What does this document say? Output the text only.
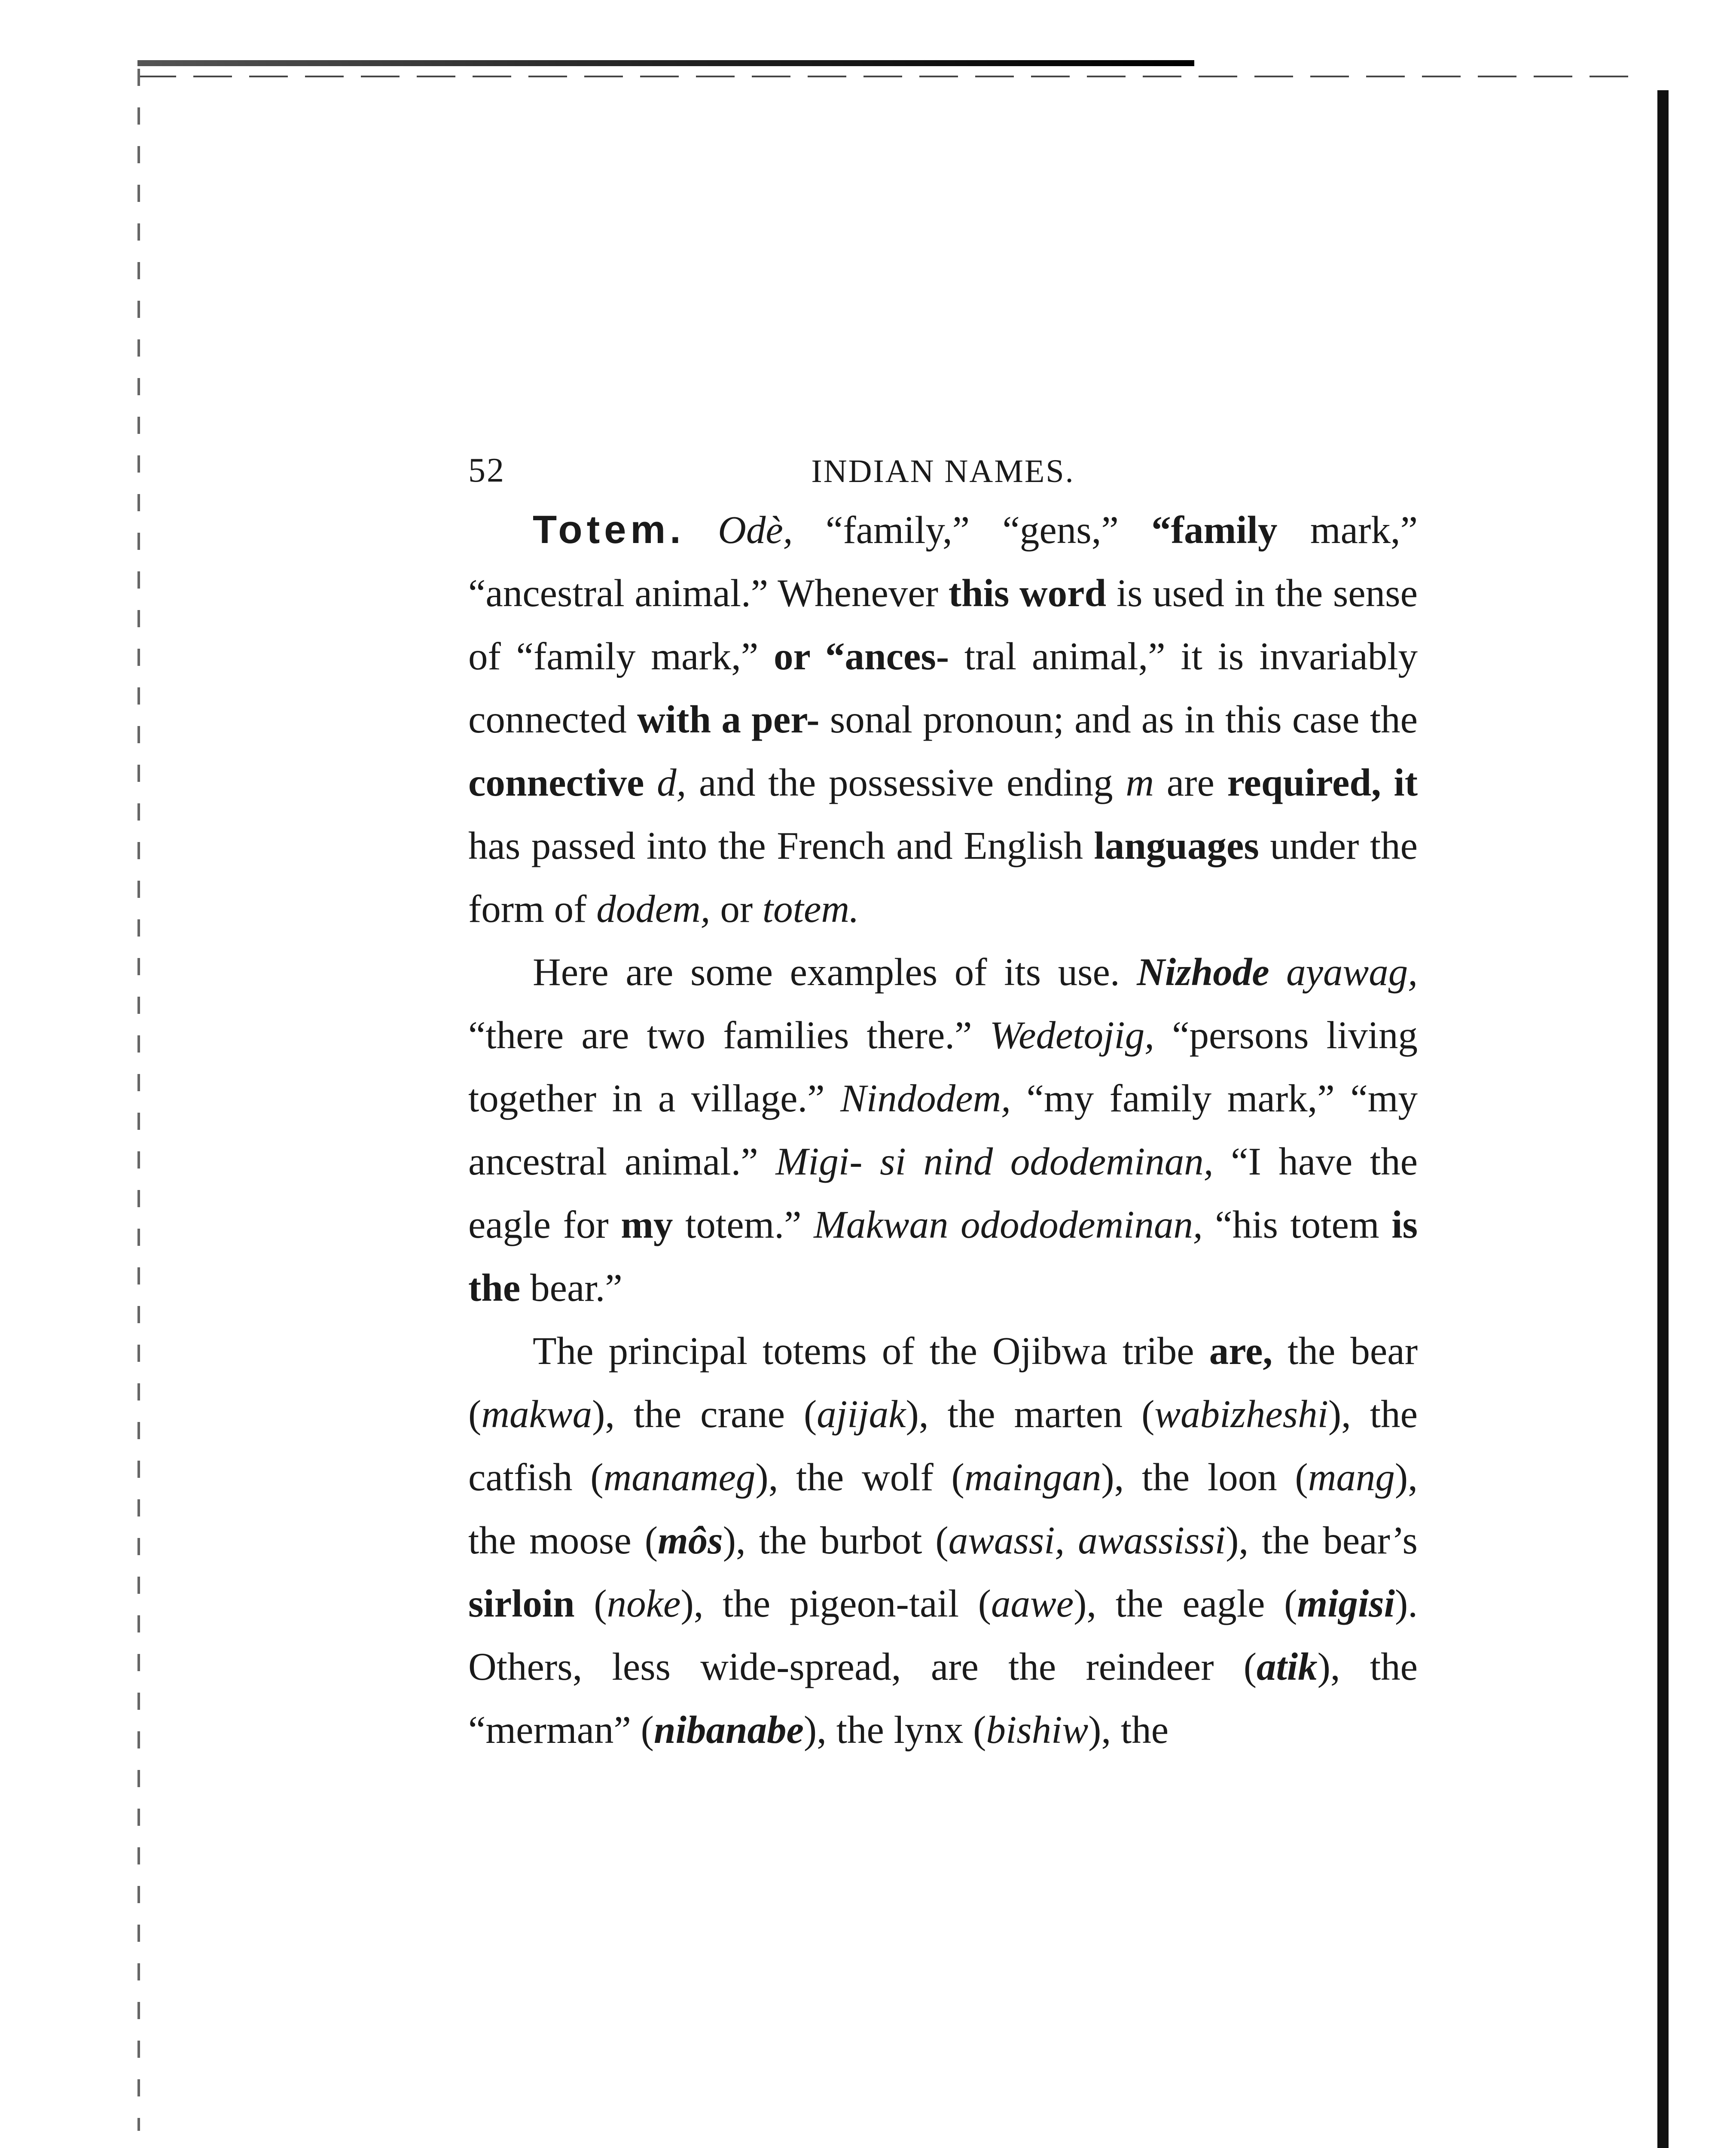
52	INDIAN NAMES.

Totem. Odè, “family,” “gens,” “family mark,” “ancestral animal.” Whenever this word is used in the sense of “family mark,” or “ances- tral animal,” it is invariably connected with a per- sonal pronoun; and as in this case the connective d, and the possessive ending m are required, it has passed into the French and English languages under the form of dodem, or totem.

Here are some examples of its use. Nizhode ayawag, “there are two families there.” Wedetojig, “persons living together in a village.” Nindodem, “my family mark,” “my ancestral animal.” Migi- si nind ododeminan, “I have the eagle for my totem.” Makwan odododeminan, “his totem is the bear.”

The principal totems of the Ojibwa tribe are, the bear (makwa), the crane (ajijak), the marten (wabizheshi), the catfish (manameg), the wolf (maingan), the loon (mang), the moose (môs), the burbot (awassi, awassissi), the bear’s sirloin (noke), the pigeon-tail (aawe), the eagle (migisi). Others, less wide-spread, are the reindeer (atik), the “merman” (nibanabe), the lynx (bishiw), the
